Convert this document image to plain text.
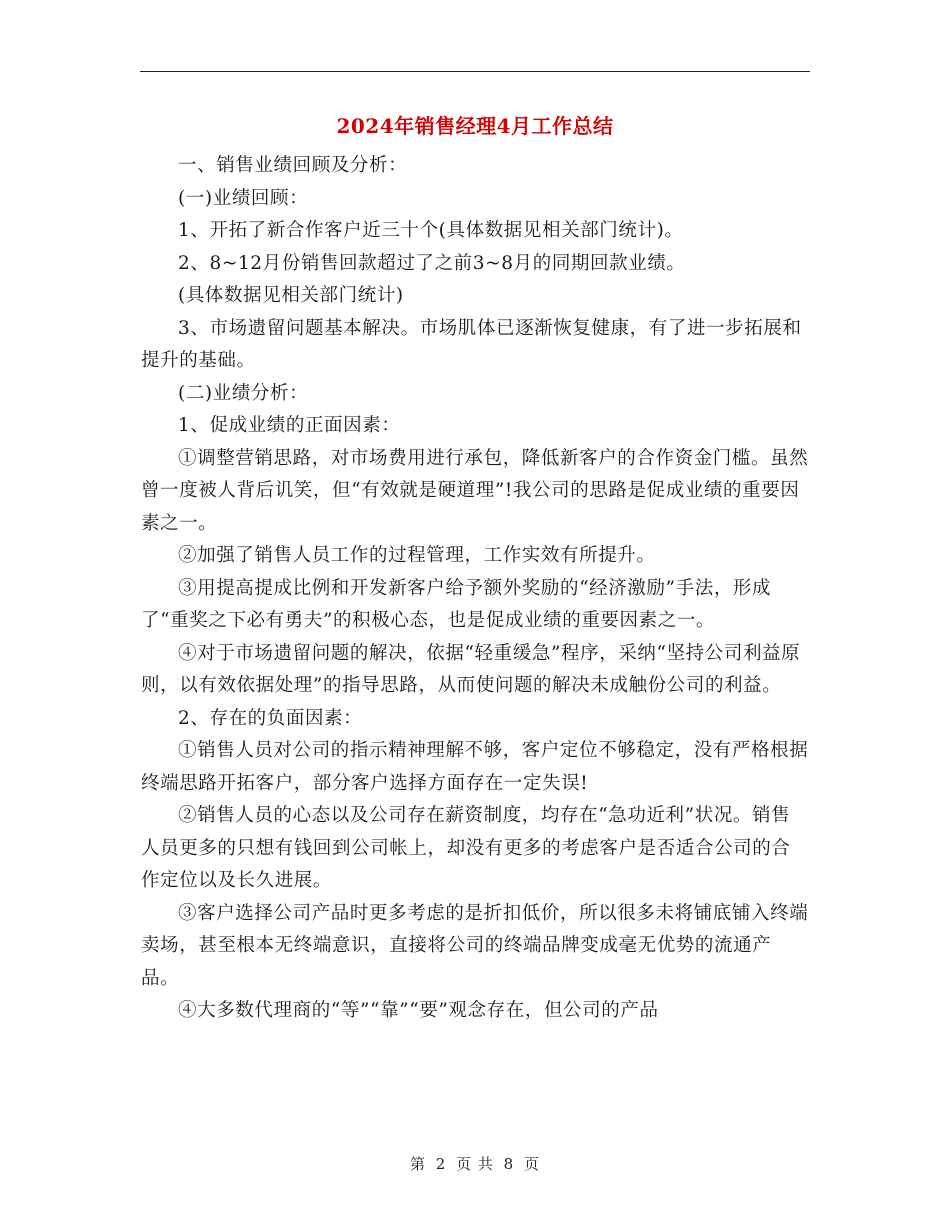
2024年销售经理4月工作总结

一、销售业绩回顾及分析：

(一)业绩回顾：

1、开拓了新合作客户近三十个(具体数据见相关部门统计)。

2、8~12月份销售回款超过了之前3~8月的同期回款业绩。

(具体数据见相关部门统计)

3、市场遗留问题基本解决。市场肌体已逐渐恢复健康，有了进一步拓展和提升的基础。

(二)业绩分析：

1、促成业绩的正面因素：

①调整营销思路，对市场费用进行承包，降低新客户的合作资金门槛。虽然曾一度被人背后讥笑，但“有效就是硬道理”!我公司的思路是促成业绩的重要因素之一。

②加强了销售人员工作的过程管理，工作实效有所提升。

③用提高提成比例和开发新客户给予额外奖励的“经济激励”手法，形成了“重奖之下必有勇夫”的积极心态，也是促成业绩的重要因素之一。

④对于市场遗留问题的解决，依据“轻重缓急”程序，采纳“坚持公司利益原则，以有效依据处理”的指导思路，从而使问题的解决未成触份公司的利益。

2、存在的负面因素：

①销售人员对公司的指示精神理解不够，客户定位不够稳定，没有严格根据终端思路开拓客户，部分客户选择方面存在一定失误!

②销售人员的心态以及公司存在薪资制度，均存在“急功近利”状况。销售人员更多的只想有钱回到公司帐上，却没有更多的考虑客户是否适合公司的合作定位以及长久进展。

③客户选择公司产品时更多考虑的是折扣低价，所以很多未将铺底铺入终端卖场，甚至根本无终端意识，直接将公司的终端品牌变成毫无优势的流通产品。

④大多数代理商的“等”“靠”“要”观念存在，但公司的产品

第 2 页 共 8 页
